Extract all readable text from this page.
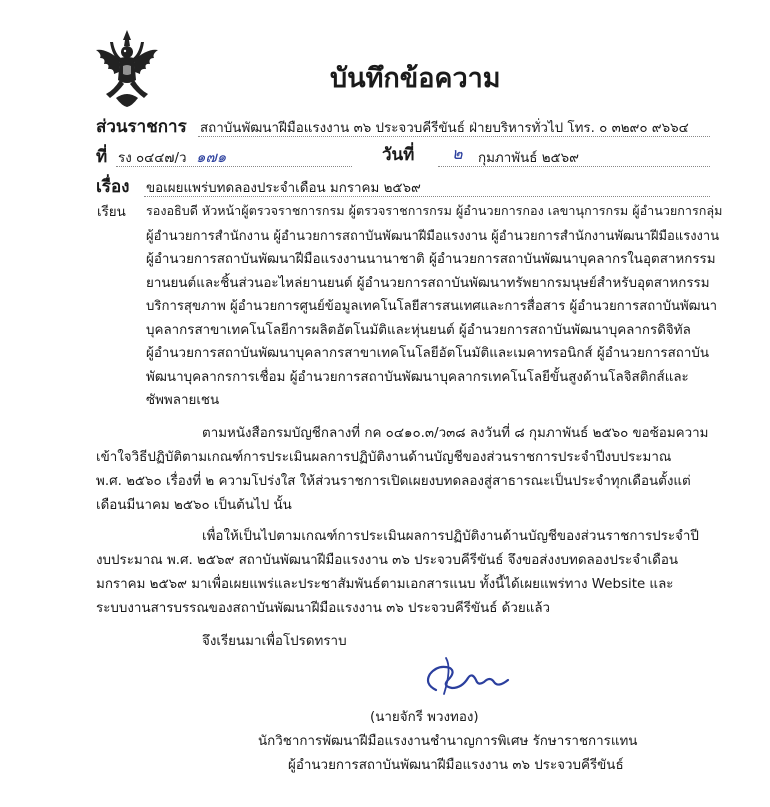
บันทึกข้อความ
ส่วนราชการ สถาบันพัฒนาฝีมือแรงงาน ๓๖ ประจวบคีรีขันธ์ ฝ่ายบริหารทั่วไป โทร. ๐ ๓๒๙๐ ๙๖๖๔
ที่ รง ๐๔๔๗/ว ๑๗๑	วันที่ ๒ กุมภาพันธ์ ๒๕๖๙
เรื่อง ขอเผยแพร่บทดลองประจำเดือน มกราคม ๒๕๖๙
เรียน รองอธิบดี หัวหน้าผู้ตรวจราชการกรม ผู้ตรวจราชการกรม ผู้อำนวยการกอง เลขานุการกรม ผู้อำนวยการกลุ่ม
ผู้อำนวยการสำนักงาน ผู้อำนวยการสถาบันพัฒนาฝีมือแรงงาน ผู้อำนวยการสำนักงานพัฒนาฝีมือแรงงาน
ผู้อำนวยการสถาบันพัฒนาฝีมือแรงงานนานาชาติ ผู้อำนวยการสถาบันพัฒนาบุคลากรในอุตสาหกรรม
ยานยนต์และชิ้นส่วนอะไหล่ยานยนต์ ผู้อำนวยการสถาบันพัฒนาทรัพยากรมนุษย์สำหรับอุตสาหกรรม
บริการสุขภาพ ผู้อำนวยการศูนย์ข้อมูลเทคโนโลยีสารสนเทศและการสื่อสาร ผู้อำนวยการสถาบันพัฒนา
บุคลากรสาขาเทคโนโลยีการผลิตอัตโนมัติและหุ่นยนต์ ผู้อำนวยการสถาบันพัฒนาบุคลากรดิจิทัล
ผู้อำนวยการสถาบันพัฒนาบุคลากรสาขาเทคโนโลยีอัตโนมัติและเมคาทรอนิกส์ ผู้อำนวยการสถาบัน
พัฒนาบุคลากรการเชื่อม ผู้อำนวยการสถาบันพัฒนาบุคลากรเทคโนโลยีขั้นสูงด้านโลจิสติกส์และ
ซัพพลายเชน
ตามหนังสือกรมบัญชีกลางที่ กค ๐๔๑๐.๓/ว๓๘ ลงวันที่ ๘ กุมภาพันธ์ ๒๕๖๐ ขอซ้อมความ
เข้าใจวิธีปฏิบัติตามเกณฑ์การประเมินผลการปฏิบัติงานด้านบัญชีของส่วนราชการประจำปีงบประมาณ
พ.ศ. ๒๕๖๐ เรื่องที่ ๒ ความโปร่งใส ให้ส่วนราชการเปิดเผยงบทดลองสู่สาธารณะเป็นประจำทุกเดือนตั้งแต่
เดือนมีนาคม ๒๕๖๐ เป็นต้นไป นั้น
เพื่อให้เป็นไปตามเกณฑ์การประเมินผลการปฏิบัติงานด้านบัญชีของส่วนราชการประจำปี
งบประมาณ พ.ศ. ๒๕๖๙ สถาบันพัฒนาฝีมือแรงงาน ๓๖ ประจวบคีรีขันธ์ จึงขอส่งงบทดลองประจำเดือน
มกราคม ๒๕๖๙ มาเพื่อเผยแพร่และประชาสัมพันธ์ตามเอกสารแนบ ทั้งนี้ได้เผยแพร่ทาง Website และ
ระบบงานสารบรรณของสถาบันพัฒนาฝีมือแรงงาน ๓๖ ประจวบคีรีขันธ์ ด้วยแล้ว
จึงเรียนมาเพื่อโปรดทราบ
(นายจักรี พวงทอง)
นักวิชาการพัฒนาฝีมือแรงงานชำนาญการพิเศษ รักษาราชการแทน
ผู้อำนวยการสถาบันพัฒนาฝีมือแรงงาน ๓๖ ประจวบคีรีขันธ์
